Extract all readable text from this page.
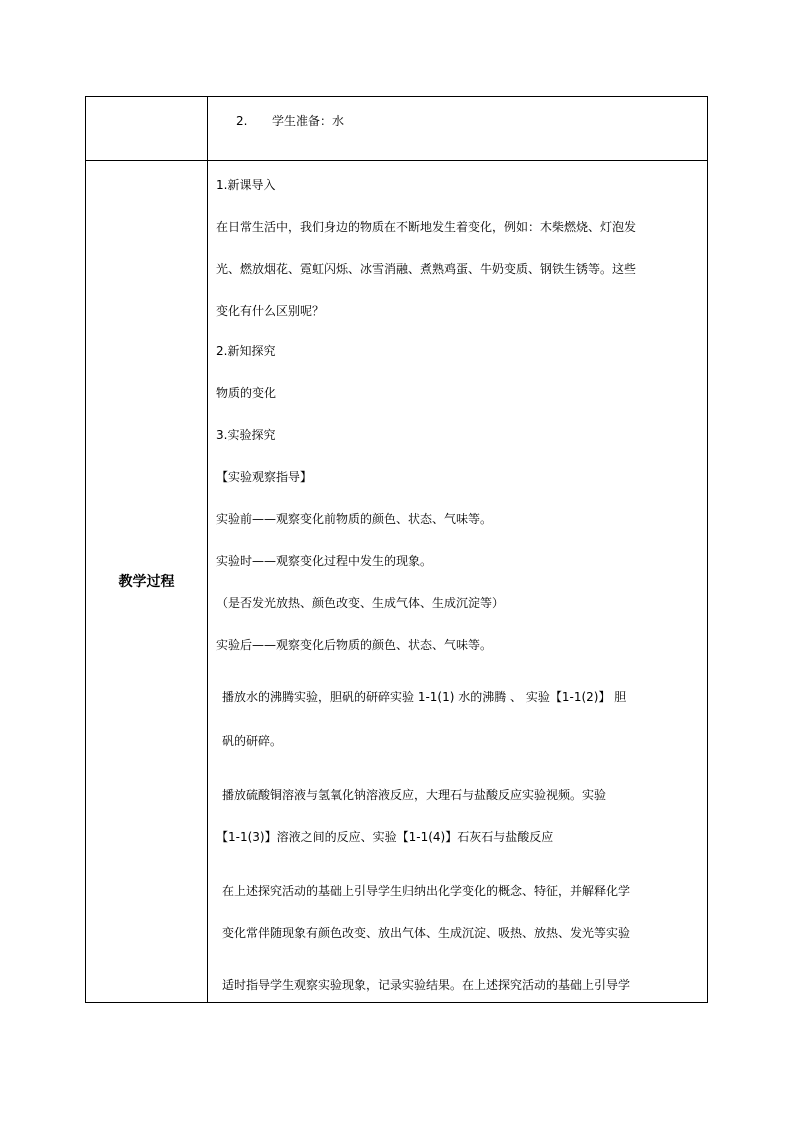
2. 学生准备：水
教学过程
1.新课导入
在日常生活中，我们身边的物质在不断地发生着变化，例如：木柴燃烧、灯泡发
光、燃放烟花、霓虹闪烁、冰雪消融、煮熟鸡蛋、牛奶变质、钢铁生锈等。这些
变化有什么区别呢？
2.新知探究
物质的变化
3.实验探究
【实验观察指导】
实验前——观察变化前物质的颜色、状态、气味等。
实验时——观察变化过程中发生的现象。
（是否发光放热、颜色改变、生成气体、生成沉淀等）
实验后——观察变化后物质的颜色、状态、气味等。
播放水的沸腾实验，胆矾的研碎实验 1-1(1) 水的沸腾 、 实验【1-1(2)】 胆
矾的研碎。
播放硫酸铜溶液与氢氧化钠溶液反应，大理石与盐酸反应实验视频。实验
【1-1(3)】溶液之间的反应、实验【1-1(4)】石灰石与盐酸反应
在上述探究活动的基础上引导学生归纳出化学变化的概念、特征，并解释化学
变化常伴随现象有颜色改变、放出气体、生成沉淀、吸热、放热、发光等实验
适时指导学生观察实验现象，记录实验结果。在上述探究活动的基础上引导学
